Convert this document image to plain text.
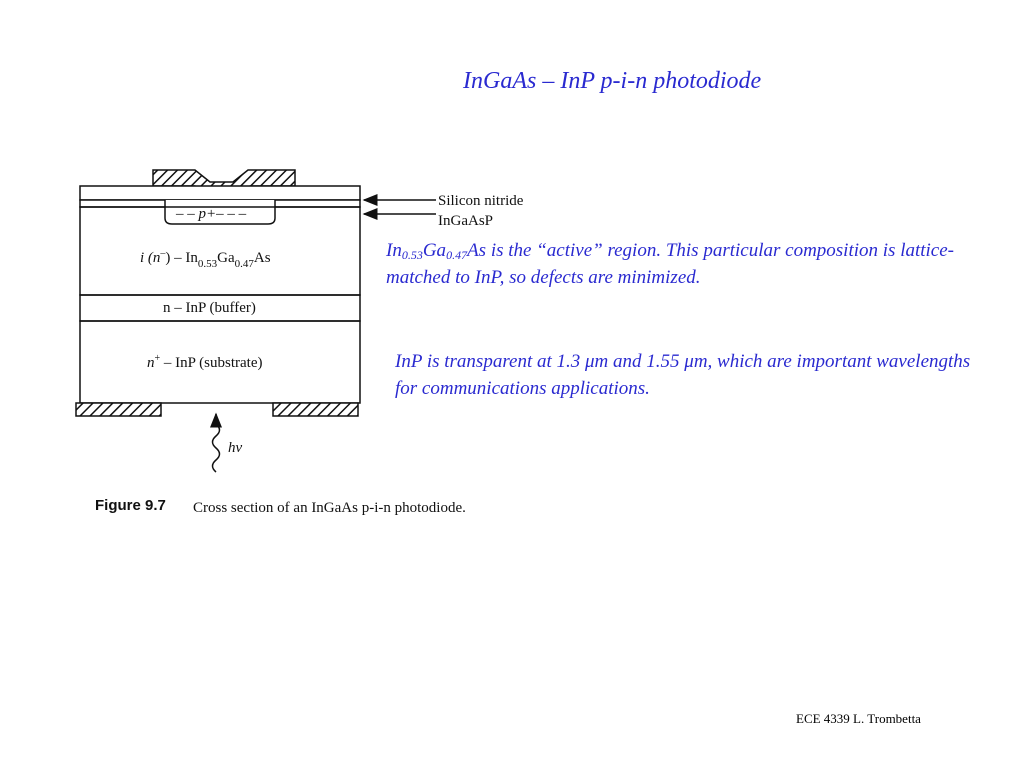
InGaAs – InP p-i-n photodiode
$In_{0.53}Ga_{0.47}As$ is the “active” region. This particular composition is lattice-matched to InP, so defects are minimized.
InP is transparent at 1.3 μm and 1.55 μm, which are important wavelengths for communications applications.
– – p+– – –
i $(n^-) - In_{0.53}Ga_{0.47}As$
n – InP (buffer)
n+ – InP (substrate)
hν
Silicon nitride
InGaAsP
Figure 9.7 Cross section of an InGaAs p-i-n photodiode.
ECE 4339 L. Trombetta
